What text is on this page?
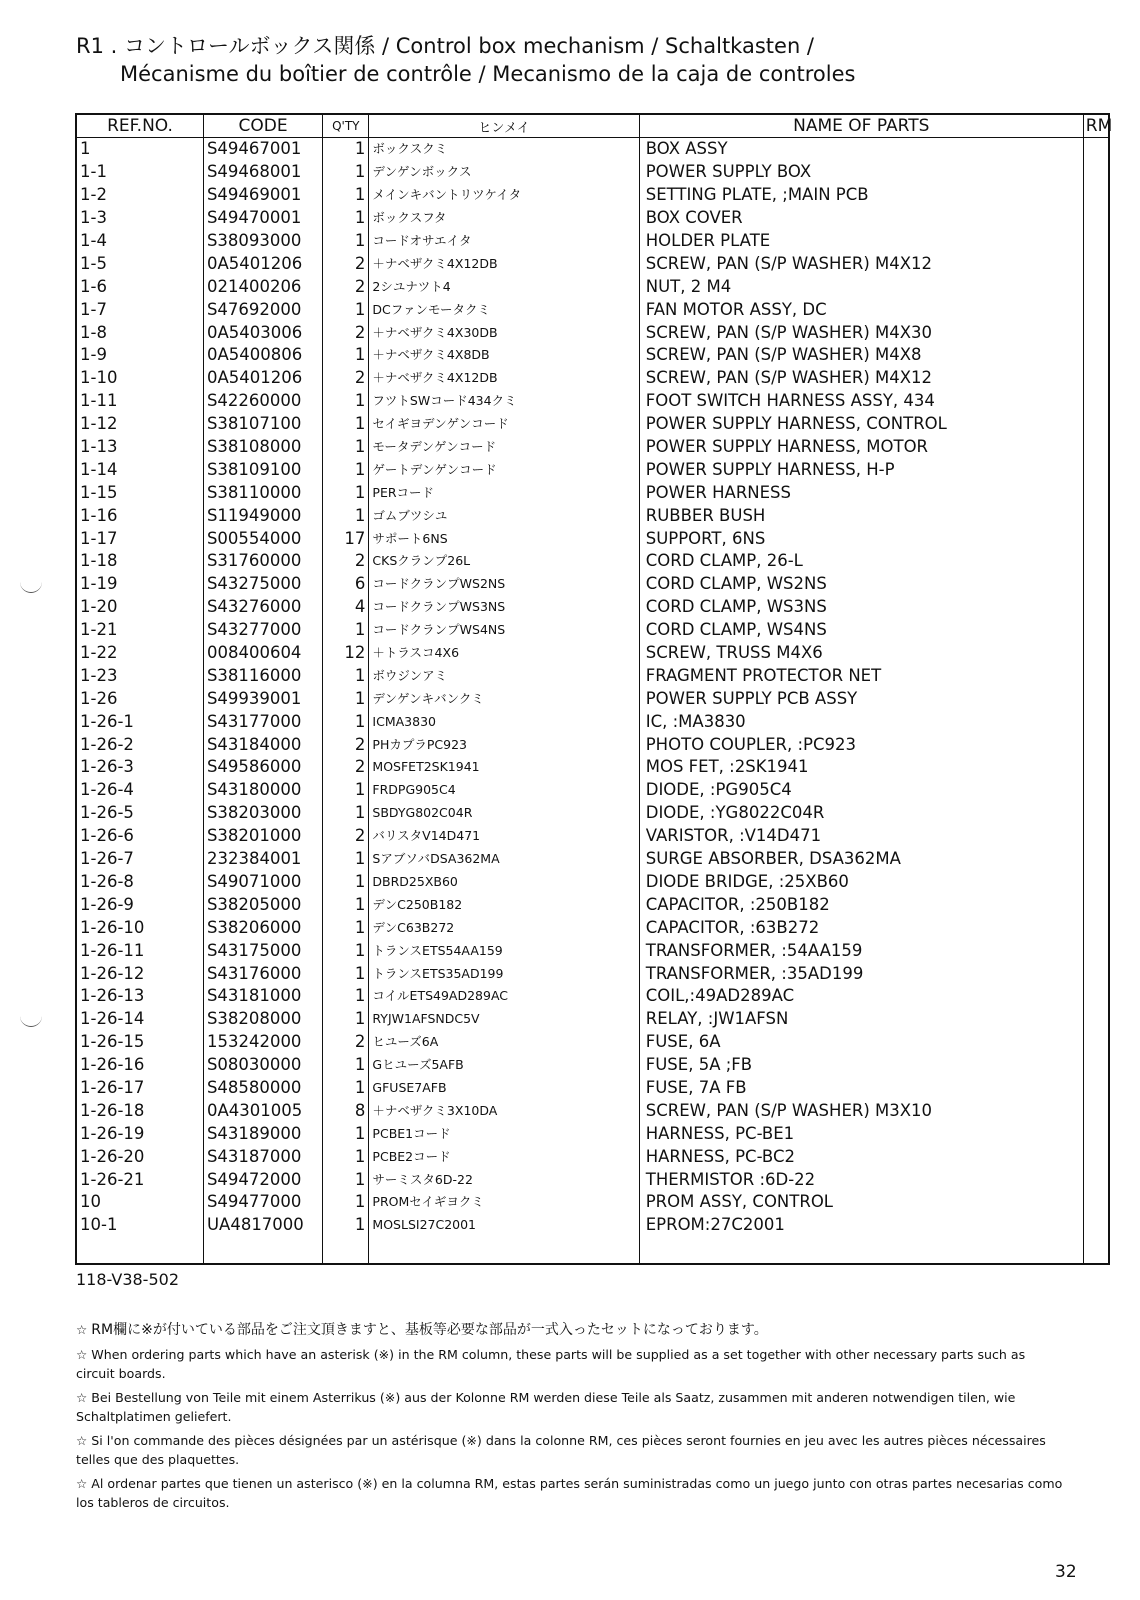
R1 . コントロールボックス関係 / Control box mechanism / Schaltkasten /
Mécanisme du boîtier de contrôle / Mecanismo de la caja de controles
REF.NO.	CODE	Q'TY	ヒンメイ	NAME OF PARTS	RM
1	S49467001	1	ボックスクミ	BOX ASSY	
1-1	S49468001	1	デンゲンボックス	POWER SUPPLY BOX	
1-2	S49469001	1	メインキバントリツケイタ	SETTING PLATE, ;MAIN PCB	
1-3	S49470001	1	ボックスフタ	BOX COVER	
1-4	S38093000	1	コードオサエイタ	HOLDER PLATE	
1-5	0A5401206	2	＋ナベザクミ4X12DB	SCREW, PAN (S/P WASHER) M4X12	
1-6	021400206	2	2シユナツト4	NUT, 2 M4	
1-7	S47692000	1	DCファンモータクミ	FAN MOTOR ASSY, DC	
1-8	0A5403006	2	＋ナベザクミ4X30DB	SCREW, PAN (S/P WASHER) M4X30	
1-9	0A5400806	1	＋ナベザクミ4X8DB	SCREW, PAN (S/P WASHER) M4X8	
1-10	0A5401206	2	＋ナベザクミ4X12DB	SCREW, PAN (S/P WASHER) M4X12	
1-11	S42260000	1	フツトSWコード434クミ	FOOT SWITCH HARNESS ASSY, 434	
1-12	S38107100	1	セイギヨデンゲンコード	POWER SUPPLY HARNESS, CONTROL	
1-13	S38108000	1	モータデンゲンコード	POWER SUPPLY HARNESS, MOTOR	
1-14	S38109100	1	ゲートデンゲンコード	POWER SUPPLY HARNESS, H-P	
1-15	S38110000	1	PERコード	POWER HARNESS	
1-16	S11949000	1	ゴムブツシユ	RUBBER BUSH	
1-17	S00554000	17	サポート6NS	SUPPORT, 6NS	
1-18	S31760000	2	CKSクランプ26L	CORD CLAMP, 26-L	
1-19	S43275000	6	コードクランプWS2NS	CORD CLAMP, WS2NS	
1-20	S43276000	4	コードクランプWS3NS	CORD CLAMP, WS3NS	
1-21	S43277000	1	コードクランプWS4NS	CORD CLAMP, WS4NS	
1-22	008400604	12	＋トラスコ4X6	SCREW, TRUSS M4X6	
1-23	S38116000	1	ボウジンアミ	FRAGMENT PROTECTOR NET	
1-26	S49939001	1	デンゲンキバンクミ	POWER SUPPLY PCB ASSY	
1-26-1	S43177000	1	ICMA3830	IC, :MA3830	
1-26-2	S43184000	2	PHカプラPC923	PHOTO COUPLER, :PC923	
1-26-3	S49586000	2	MOSFET2SK1941	MOS FET, :2SK1941	
1-26-4	S43180000	1	FRDPG905C4	DIODE, :PG905C4	
1-26-5	S38203000	1	SBDYG802C04R	DIODE, :YG8022C04R	
1-26-6	S38201000	2	バリスタV14D471	VARISTOR, :V14D471	
1-26-7	232384001	1	SアブソバDSA362MA	SURGE ABSORBER, DSA362MA	
1-26-8	S49071000	1	DBRD25XB60	DIODE BRIDGE, :25XB60	
1-26-9	S38205000	1	デンC250B182	CAPACITOR, :250B182	
1-26-10	S38206000	1	デンC63B272	CAPACITOR, :63B272	
1-26-11	S43175000	1	トランスETS54AA159	TRANSFORMER, :54AA159	
1-26-12	S43176000	1	トランスETS35AD199	TRANSFORMER, :35AD199	
1-26-13	S43181000	1	コイルETS49AD289AC	COIL,:49AD289AC	
1-26-14	S38208000	1	RYJW1AFSNDC5V	RELAY, :JW1AFSN	
1-26-15	153242000	2	ヒユーズ6A	FUSE, 6A	
1-26-16	S08030000	1	Gヒユーズ5AFB	FUSE, 5A ;FB	
1-26-17	S48580000	1	GFUSE7AFB	FUSE, 7A FB	
1-26-18	0A4301005	8	＋ナベザクミ3X10DA	SCREW, PAN (S/P WASHER) M3X10	
1-26-19	S43189000	1	PCBE1コード	HARNESS, PC-BE1	
1-26-20	S43187000	1	PCBE2コード	HARNESS, PC-BC2	
1-26-21	S49472000	1	サーミスタ6D-22	THERMISTOR :6D-22	
10	S49477000	1	PROMセイギヨクミ	PROM ASSY, CONTROL	
10-1	UA4817000	1	MOSLSI27C2001	EPROM:27C2001	

118-V38-502

☆ RM欄に※が付いている部品をご注文頂きますと、基板等必要な部品が一式入ったセットになっております。

☆ When ordering parts which have an asterisk (※) in the RM column, these parts will be supplied as a set together with other necessary parts such as circuit boards.

☆ Bei Bestellung von Teile mit einem Asterrikus (※) aus der Kolonne RM werden diese Teile als Saatz, zusammen mit anderen notwendigen tilen, wie Schaltplatimen geliefert.

☆ Si l'on commande des pièces désignées par un astérisque (※) dans la colonne RM, ces pièces seront fournies en jeu avec les autres pièces nécessaires telles que des plaquettes.

☆ Al ordenar partes que tienen un asterisco (※) en la columna RM, estas partes serán suministradas como un juego junto con otras partes necesarias como los tableros de circuitos.

32
